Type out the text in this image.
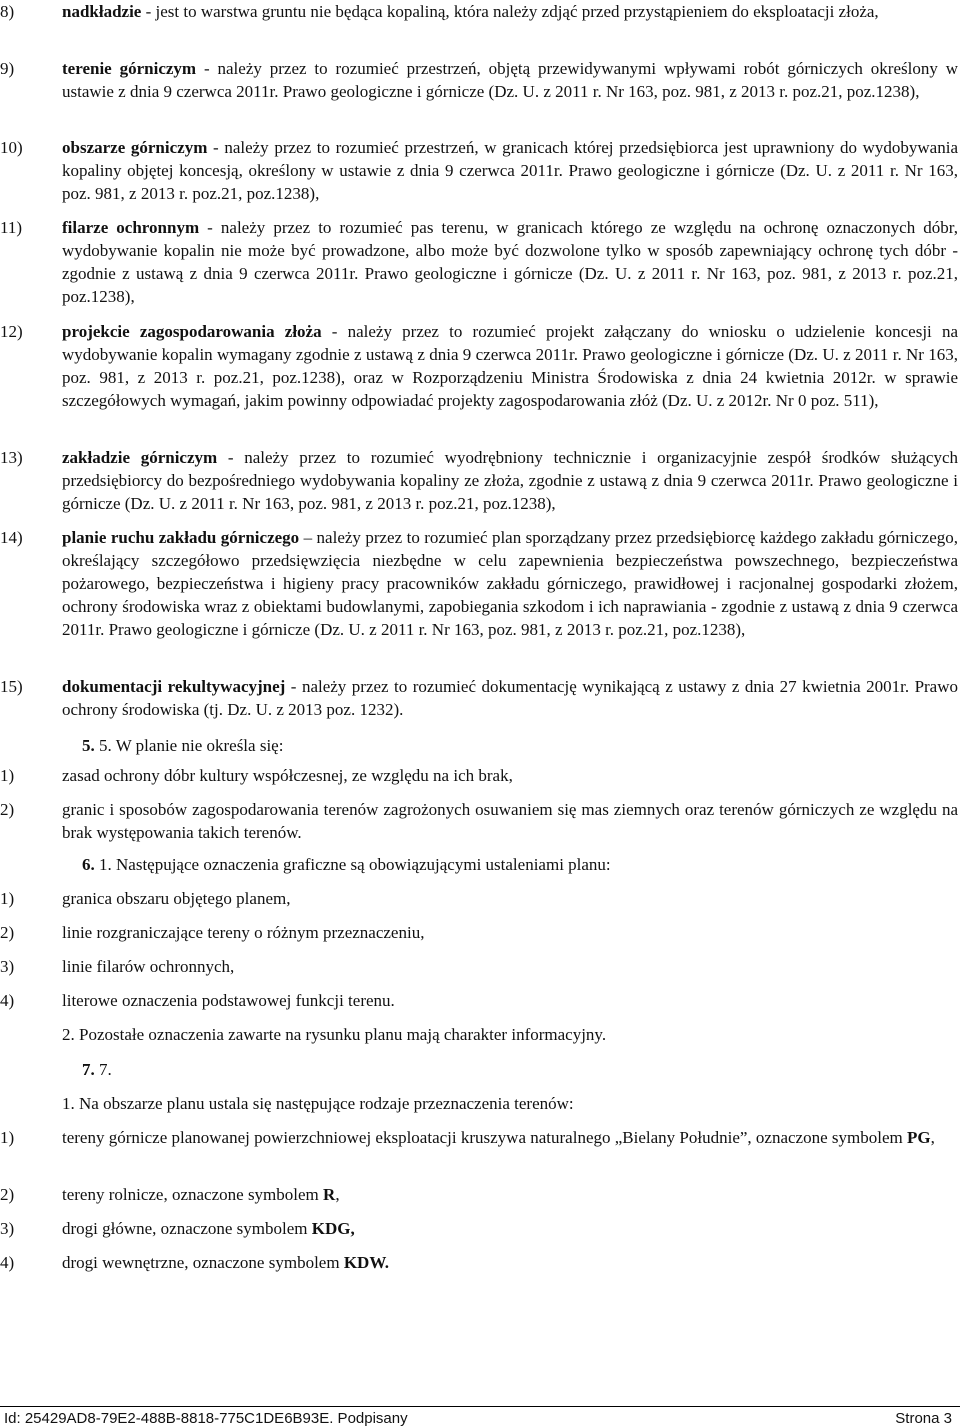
8)	nadkładzie - jest to warstwa gruntu nie będąca kopaliną, która należy zdjąć przed przystąpieniem do eksploatacji złoża,
9)	terenie górniczym - należy przez to rozumieć przestrzeń, objętą przewidywanymi wpływami robót górniczych określony w ustawie z dnia 9 czerwca 2011r. Prawo geologiczne i górnicze (Dz. U. z 2011 r. Nr 163, poz. 981, z 2013 r. poz.21, poz.1238),
10)	obszarze górniczym - należy przez to rozumieć przestrzeń, w granicach której przedsiębiorca jest uprawniony do wydobywania kopaliny objętej koncesją, określony w ustawie z dnia 9 czerwca 2011r. Prawo geologiczne i górnicze (Dz. U. z 2011 r. Nr 163, poz. 981, z 2013 r. poz.21, poz.1238),
11)	filarze ochronnym - należy przez to rozumieć pas terenu, w granicach którego ze względu na ochronę oznaczonych dóbr, wydobywanie kopalin nie może być prowadzone, albo może być dozwolone tylko w sposób zapewniający ochronę tych dóbr - zgodnie z ustawą z dnia 9 czerwca 2011r. Prawo geologiczne i górnicze (Dz. U. z 2011 r. Nr 163, poz. 981, z 2013 r. poz.21, poz.1238),
12)	projekcie zagospodarowania złoża - należy przez to rozumieć projekt załączany do wniosku o udzielenie koncesji na wydobywanie kopalin wymagany zgodnie z ustawą z dnia 9 czerwca 2011r. Prawo geologiczne i górnicze (Dz. U. z 2011 r. Nr 163, poz. 981, z 2013 r. poz.21, poz.1238), oraz w Rozporządzeniu Ministra Środowiska z dnia 24 kwietnia 2012r. w sprawie szczegółowych wymagań, jakim powinny odpowiadać projekty zagospodarowania złóż (Dz. U. z 2012r. Nr 0 poz. 511),
13)	zakładzie górniczym - należy przez to rozumieć wyodrębniony technicznie i organizacyjnie zespół środków służących przedsiębiorcy do bezpośredniego wydobywania kopaliny ze złoża, zgodnie z ustawą z dnia 9 czerwca 2011r. Prawo geologiczne i górnicze (Dz. U. z 2011 r. Nr 163, poz. 981, z 2013 r. poz.21, poz.1238),
14)	planie ruchu zakładu górniczego – należy przez to rozumieć plan sporządzany przez przedsiębiorcę każdego zakładu górniczego, określający szczegółowo przedsięwzięcia niezbędne w celu zapewnienia bezpieczeństwa powszechnego, bezpieczeństwa pożarowego, bezpieczeństwa i higieny pracy pracowników zakładu górniczego, prawidłowej i racjonalnej gospodarki złożem, ochrony środowiska wraz z obiektami budowlanymi, zapobiegania szkodom i ich naprawiania - zgodnie z ustawą z dnia 9 czerwca 2011r. Prawo geologiczne i górnicze (Dz. U. z 2011 r. Nr 163, poz. 981, z 2013 r. poz.21, poz.1238),
15)	dokumentacji rekultywacyjnej - należy przez to rozumieć dokumentację wynikającą z ustawy z dnia 27 kwietnia 2001r. Prawo ochrony środowiska (tj. Dz. U. z 2013 poz. 1232).
5. 5. W planie nie określa się:
1)	zasad ochrony dóbr kultury współczesnej, ze względu na ich brak,
2)	granic i sposobów zagospodarowania terenów zagrożonych osuwaniem się mas ziemnych oraz terenów górniczych ze względu na brak występowania takich terenów.
6. 1. Następujące oznaczenia graficzne są obowiązującymi ustaleniami planu:
1)	granica obszaru objętego planem,
2)	linie rozgraniczające tereny o różnym przeznaczeniu,
3)	linie filarów ochronnych,
4)	literowe oznaczenia podstawowej funkcji terenu.
2. Pozostałe oznaczenia zawarte na rysunku planu mają charakter informacyjny.
7. 7.
1. Na obszarze planu ustala się następujące rodzaje przeznaczenia terenów:
1)	tereny górnicze planowanej powierzchniowej eksploatacji kruszywa naturalnego „Bielany Południe”, oznaczone symbolem PG,
2)	tereny rolnicze, oznaczone symbolem R,
3)	drogi główne, oznaczone symbolem KDG,
4)	drogi wewnętrzne, oznaczone symbolem KDW.
Id: 25429AD8-79E2-488B-8818-775C1DE6B93E. Podpisany	Strona 3
